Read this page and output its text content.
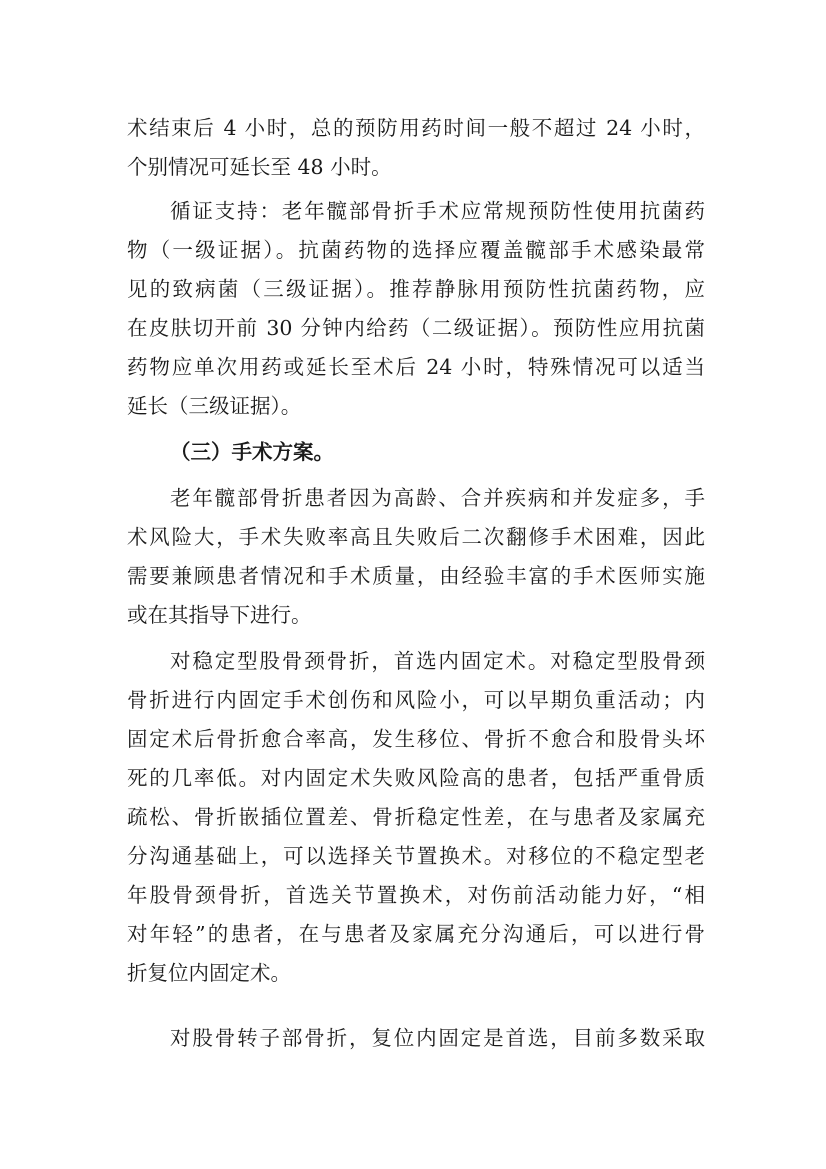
术结束后 4 小时，总的预防用药时间一般不超过 24 小时，
个别情况可延长至 48 小时。
循证支持：老年髋部骨折手术应常规预防性使用抗菌药
物（一级证据）。抗菌药物的选择应覆盖髋部手术感染最常
见的致病菌（三级证据）。推荐静脉用预防性抗菌药物，应
在皮肤切开前 30 分钟内给药（二级证据）。预防性应用抗菌
药物应单次用药或延长至术后 24 小时，特殊情况可以适当
延长（三级证据）。
（三）手术方案。
老年髋部骨折患者因为高龄、合并疾病和并发症多，手
术风险大，手术失败率高且失败后二次翻修手术困难，因此
需要兼顾患者情况和手术质量，由经验丰富的手术医师实施
或在其指导下进行。
对稳定型股骨颈骨折，首选内固定术。对稳定型股骨颈
骨折进行内固定手术创伤和风险小，可以早期负重活动；内
固定术后骨折愈合率高，发生移位、骨折不愈合和股骨头坏
死的几率低。对内固定术失败风险高的患者，包括严重骨质
疏松、骨折嵌插位置差、骨折稳定性差，在与患者及家属充
分沟通基础上，可以选择关节置换术。对移位的不稳定型老
年股骨颈骨折，首选关节置换术，对伤前活动能力好，“相
对年轻”的患者，在与患者及家属充分沟通后，可以进行骨
折复位内固定术。
对股骨转子部骨折，复位内固定是首选，目前多数采取
